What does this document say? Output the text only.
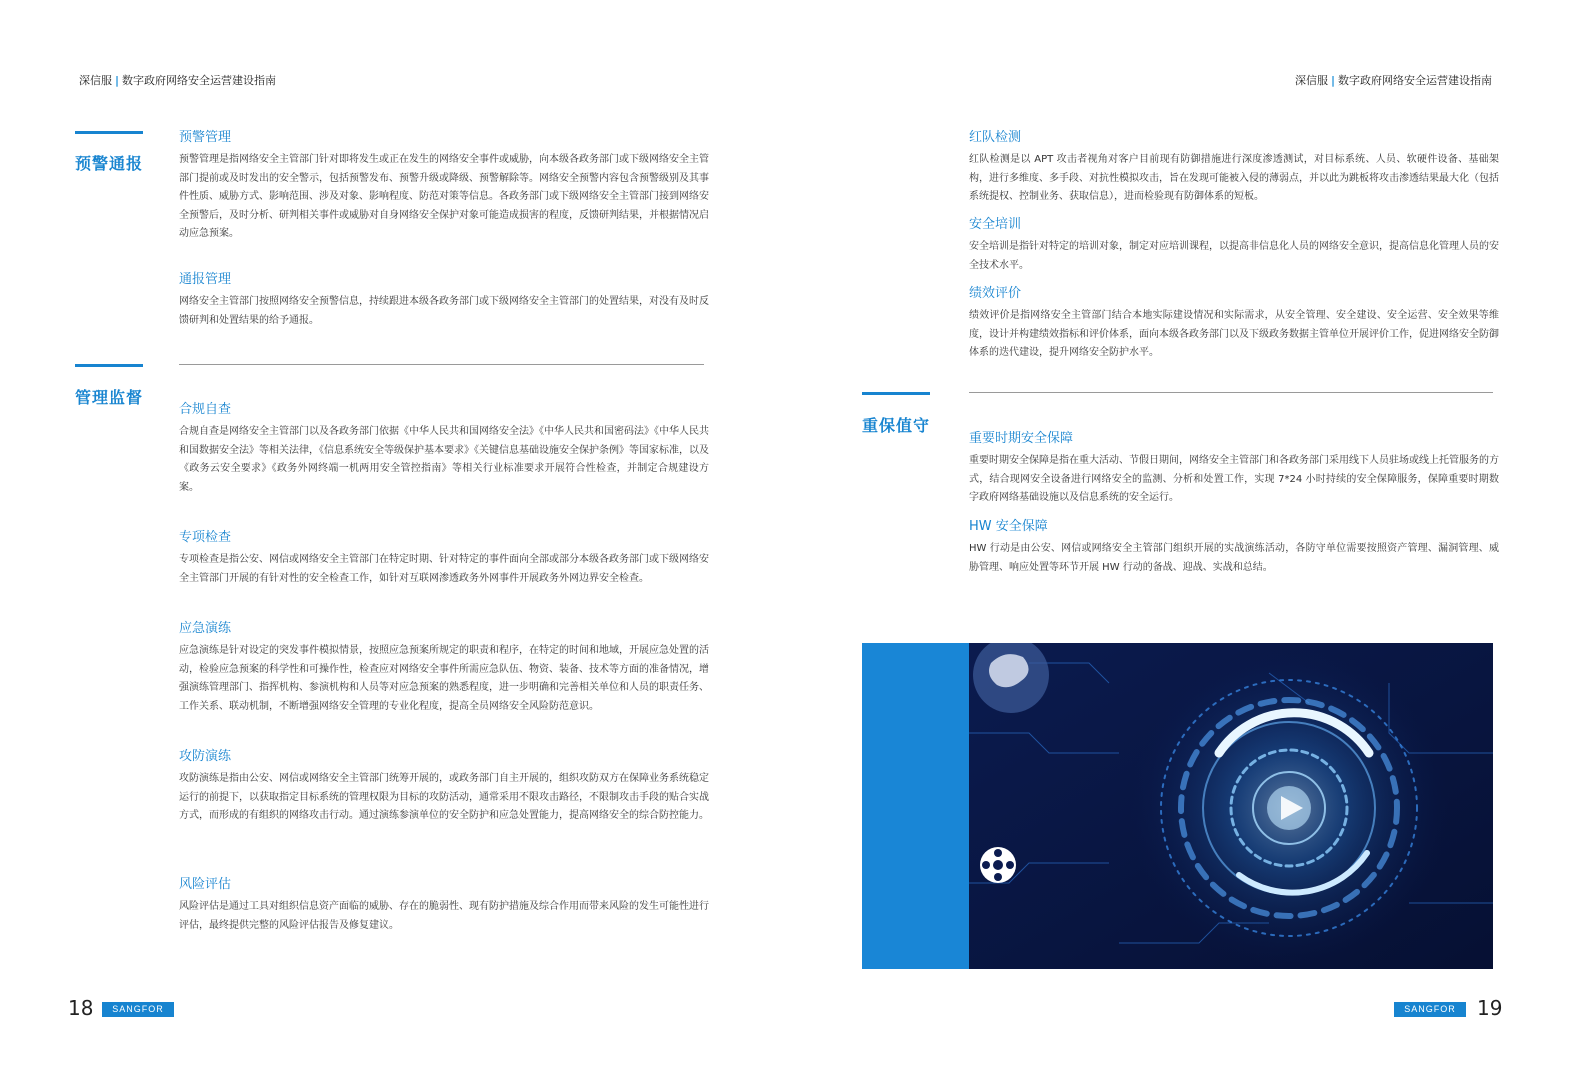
深信服 | 数字政府网络安全运营建设指南
预警通报
预警管理

预警管理是指网络安全主管部门针对即将发生或正在发生的网络安全事件或威胁，向本级各政务部门或下级网络安全主管部门提前或及时发出的安全警示，包括预警发布、预警升级或降级、预警解除等。网络安全预警内容包含预警级别及其事件性质、威胁方式、影响范围、涉及对象、影响程度、防范对策等信息。各政务部门或下级网络安全主管部门接到网络安全预警后，及时分析、研判相关事件或威胁对自身网络安全保护对象可能造成损害的程度，反馈研判结果，并根据情况启动应急预案。

通报管理

网络安全主管部门按照网络安全预警信息，持续跟进本级各政务部门或下级网络安全主管部门的处置结果，对没有及时反馈研判和处置结果的给予通报。

管理监督
合规自查

合规自查是网络安全主管部门以及各政务部门依据《中华人民共和国网络安全法》《中华人民共和国密码法》《中华人民共和国数据安全法》等相关法律，《信息系统安全等级保护基本要求》《关键信息基础设施安全保护条例》等国家标准，以及《政务云安全要求》《政务外网终端一机两用安全管控指南》等相关行业标准要求开展符合性检查，并制定合规建设方案。

专项检查

专项检查是指公安、网信或网络安全主管部门在特定时期、针对特定的事件面向全部或部分本级各政务部门或下级网络安全主管部门开展的有针对性的安全检查工作，如针对互联网渗透政务外网事件开展政务外网边界安全检查。

应急演练

应急演练是针对设定的突发事件模拟情景，按照应急预案所规定的职责和程序，在特定的时间和地域，开展应急处置的活动，检验应急预案的科学性和可操作性，检查应对网络安全事件所需应急队伍、物资、装备、技术等方面的准备情况，增强演练管理部门、指挥机构、参演机构和人员等对应急预案的熟悉程度，进一步明确和完善相关单位和人员的职责任务、工作关系、联动机制，不断增强网络安全管理的专业化程度，提高全员网络安全风险防范意识。

攻防演练

攻防演练是指由公安、网信或网络安全主管部门统筹开展的，或政务部门自主开展的，组织攻防双方在保障业务系统稳定运行的前提下，以获取指定目标系统的管理权限为目标的攻防活动，通常采用不限攻击路径，不限制攻击手段的贴合实战方式，而形成的有组织的网络攻击行动。通过演练参演单位的安全防护和应急处置能力，提高网络安全的综合防控能力。

风险评估

风险评估是通过工具对组织信息资产面临的威胁、存在的脆弱性、现有防护措施及综合作用而带来风险的发生可能性进行评估，最终提供完整的风险评估报告及修复建议。

18	SANGFOR
深信服 | 数字政府网络安全运营建设指南
红队检测

红队检测是以 APT 攻击者视角对客户目前现有防御措施进行深度渗透测试，对目标系统、人员、软硬件设备、基础架构，进行多维度、多手段、对抗性模拟攻击，旨在发现可能被入侵的薄弱点，并以此为跳板将攻击渗透结果最大化（包括系统提权、控制业务、获取信息），进而检验现有防御体系的短板。

安全培训

安全培训是指针对特定的培训对象，制定对应培训课程，以提高非信息化人员的网络安全意识，提高信息化管理人员的安全技术水平。

绩效评价

绩效评价是指网络安全主管部门结合本地实际建设情况和实际需求，从安全管理、安全建设、安全运营、安全效果等维度，设计并构建绩效指标和评价体系，面向本级各政务部门以及下级政务数据主管单位开展评价工作，促进网络安全防御体系的迭代建设，提升网络安全防护水平。

重保值守
重要时期安全保障

重要时期安全保障是指在重大活动、节假日期间，网络安全主管部门和各政务部门采用线下人员驻场或线上托管服务的方式，结合现网安全设备进行网络安全的监测、分析和处置工作，实现 7*24 小时持续的安全保障服务，保障重要时期数字政府网络基础设施以及信息系统的安全运行。

HW 安全保障

HW 行动是由公安、网信或网络安全主管部门组织开展的实战演练活动，各防守单位需要按照资产管理、漏洞管理、威胁管理、响应处置等环节开展 HW 行动的备战、迎战、实战和总结。

SANGFOR	19
